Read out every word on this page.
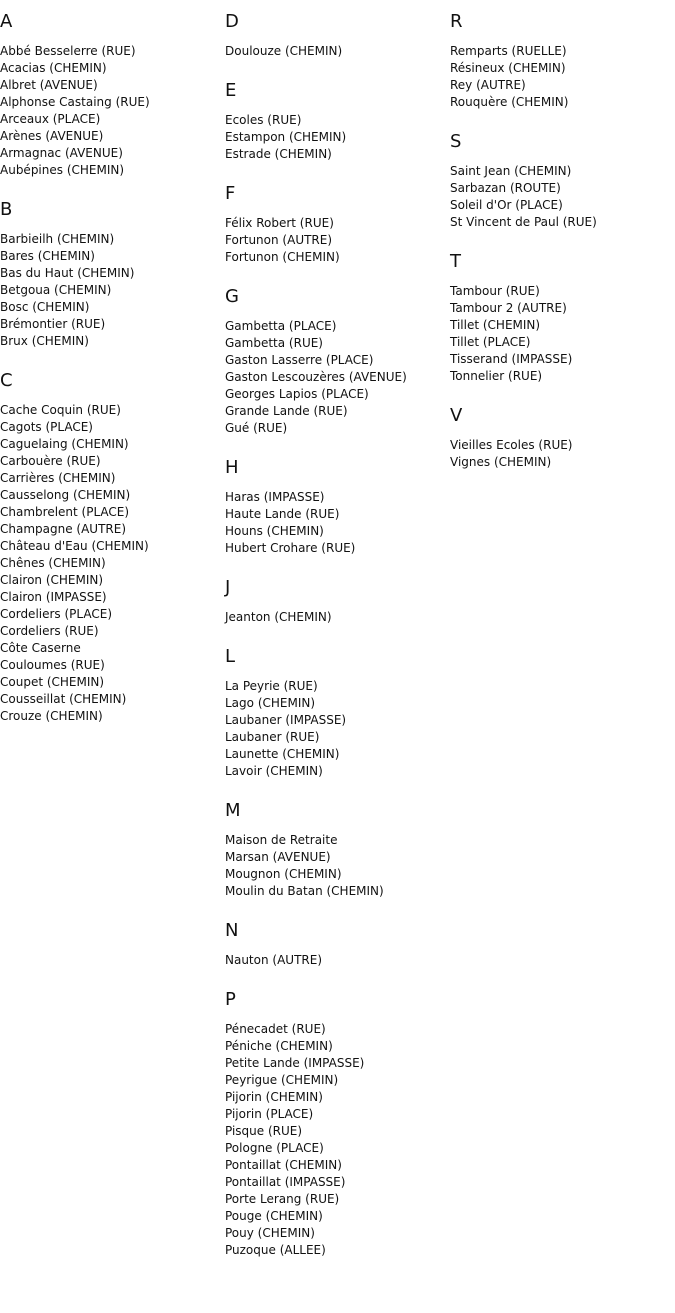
A
Abbé Besselerre (RUE)
Acacias (CHEMIN)
Albret (AVENUE)
Alphonse Castaing (RUE)
Arceaux (PLACE)
Arènes (AVENUE)
Armagnac (AVENUE)
Aubépines (CHEMIN)
B
Barbieilh (CHEMIN)
Bares (CHEMIN)
Bas du Haut (CHEMIN)
Betgoua (CHEMIN)
Bosc (CHEMIN)
Brémontier (RUE)
Brux (CHEMIN)
C
Cache Coquin (RUE)
Cagots (PLACE)
Caguelaing (CHEMIN)
Carbouère (RUE)
Carrières (CHEMIN)
Causselong (CHEMIN)
Chambrelent (PLACE)
Champagne (AUTRE)
Château d'Eau (CHEMIN)
Chênes (CHEMIN)
Clairon (CHEMIN)
Clairon (IMPASSE)
Cordeliers (PLACE)
Cordeliers (RUE)
Côte Caserne
Couloumes (RUE)
Coupet (CHEMIN)
Cousseillat (CHEMIN)
Crouze (CHEMIN)
D
Doulouze (CHEMIN)
E
Ecoles (RUE)
Estampon (CHEMIN)
Estrade (CHEMIN)
F
Félix Robert (RUE)
Fortunon (AUTRE)
Fortunon (CHEMIN)
G
Gambetta (PLACE)
Gambetta (RUE)
Gaston Lasserre (PLACE)
Gaston Lescouzères (AVENUE)
Georges Lapios (PLACE)
Grande Lande (RUE)
Gué (RUE)
H
Haras (IMPASSE)
Haute Lande (RUE)
Houns (CHEMIN)
Hubert Crohare (RUE)
J
Jeanton (CHEMIN)
L
La Peyrie (RUE)
Lago (CHEMIN)
Laubaner (IMPASSE)
Laubaner (RUE)
Launette (CHEMIN)
Lavoir (CHEMIN)
M
Maison de Retraite
Marsan (AVENUE)
Mougnon (CHEMIN)
Moulin du Batan (CHEMIN)
N
Nauton (AUTRE)
P
Pénecadet (RUE)
Péniche (CHEMIN)
Petite Lande (IMPASSE)
Peyrigue (CHEMIN)
Pijorin (CHEMIN)
Pijorin (PLACE)
Pisque (RUE)
Pologne (PLACE)
Pontaillat (CHEMIN)
Pontaillat (IMPASSE)
Porte Lerang (RUE)
Pouge (CHEMIN)
Pouy (CHEMIN)
Puzoque (ALLEE)
R
Remparts (RUELLE)
Résineux (CHEMIN)
Rey (AUTRE)
Rouquère (CHEMIN)
S
Saint Jean (CHEMIN)
Sarbazan (ROUTE)
Soleil d'Or (PLACE)
St Vincent de Paul (RUE)
T
Tambour (RUE)
Tambour 2 (AUTRE)
Tillet (CHEMIN)
Tillet (PLACE)
Tisserand (IMPASSE)
Tonnelier (RUE)
V
Vieilles Ecoles (RUE)
Vignes (CHEMIN)
